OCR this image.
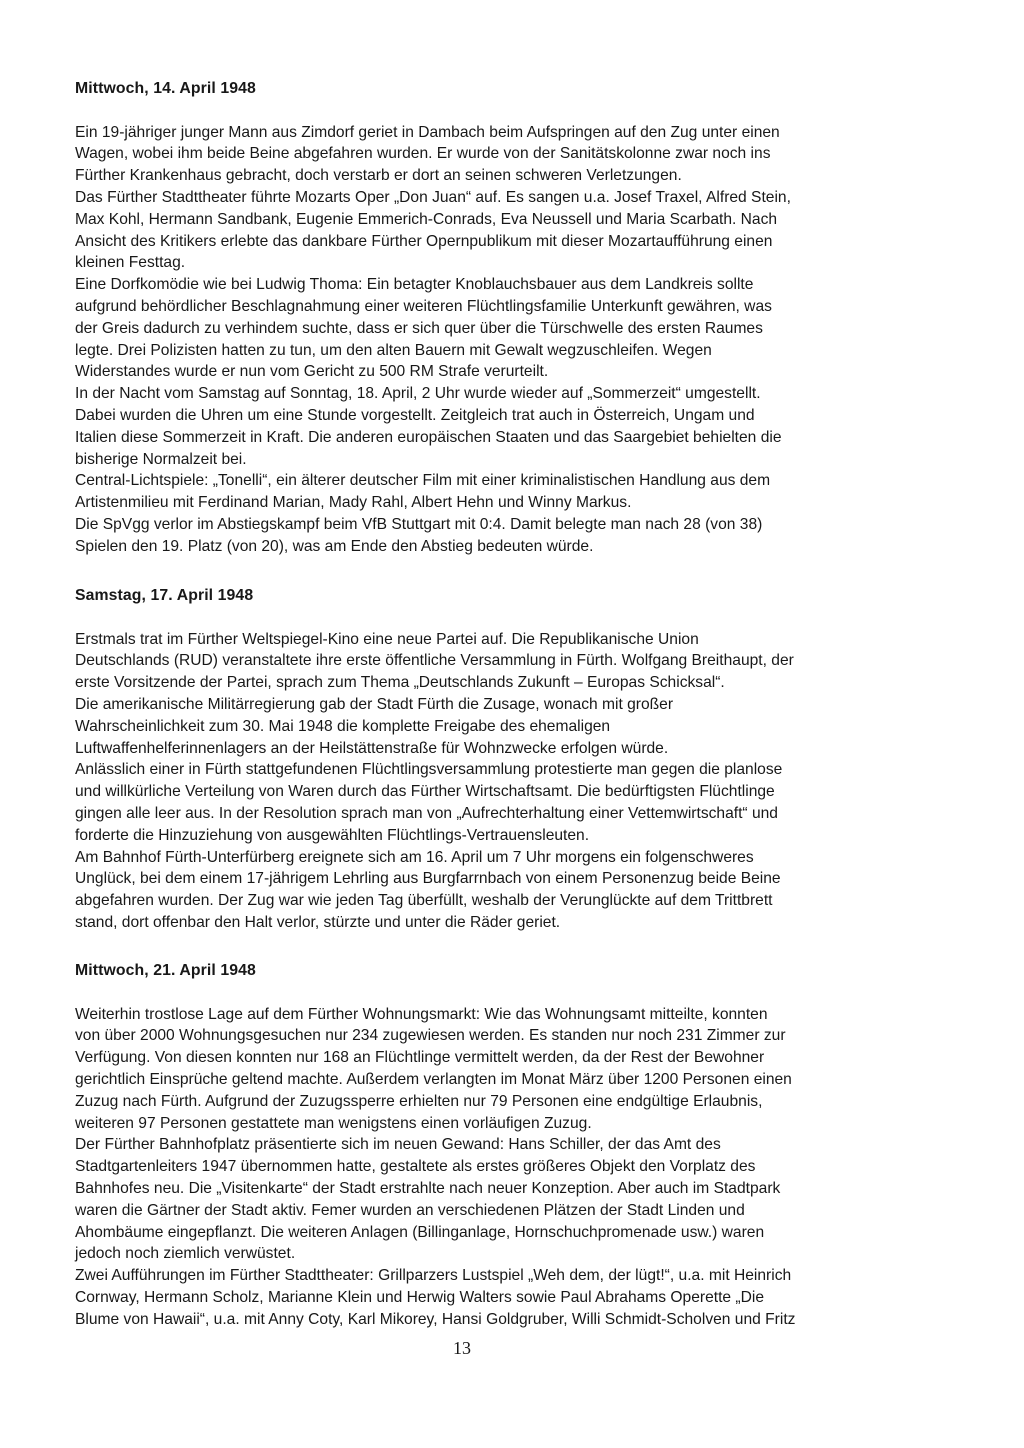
Mittwoch, 14. April 1948
Ein 19-jähriger junger Mann aus Zimdorf geriet in Dambach beim Aufspringen auf den Zug unter einen
Wagen, wobei ihm beide Beine abgefahren wurden. Er wurde von der Sanitätskolonne zwar noch ins
Fürther Krankenhaus gebracht, doch verstarb er dort an seinen schweren Verletzungen.
Das Fürther Stadttheater führte Mozarts Oper „Don Juan“ auf. Es sangen u.a. Josef Traxel, Alfred Stein,
Max Kohl, Hermann Sandbank, Eugenie Emmerich-Conrads, Eva Neussell und Maria Scarbath. Nach
Ansicht des Kritikers erlebte das dankbare Fürther Opernpublikum mit dieser Mozartaufführung einen
kleinen Festtag.
Eine Dorfkomödie wie bei Ludwig Thoma: Ein betagter Knoblauchsbauer aus dem Landkreis sollte
aufgrund behördlicher Beschlagnahmung einer weiteren Flüchtlingsfamilie Unterkunft gewähren, was
der Greis dadurch zu verhindem suchte, dass er sich quer über die Türschwelle des ersten Raumes
legte. Drei Polizisten hatten zu tun, um den alten Bauern mit Gewalt wegzuschleifen. Wegen
Widerstandes wurde er nun vom Gericht zu 500 RM Strafe verurteilt.
In der Nacht vom Samstag auf Sonntag, 18. April, 2 Uhr wurde wieder auf „Sommerzeit“ umgestellt.
Dabei wurden die Uhren um eine Stunde vorgestellt. Zeitgleich trat auch in Österreich, Ungam und
Italien diese Sommerzeit in Kraft. Die anderen europäischen Staaten und das Saargebiet behielten die
bisherige Normalzeit bei.
Central-Lichtspiele: „Tonelli“, ein älterer deutscher Film mit einer kriminalistischen Handlung aus dem
Artistenmilieu mit Ferdinand Marian, Mady Rahl, Albert Hehn und Winny Markus.
Die SpVgg verlor im Abstiegskampf beim VfB Stuttgart mit 0:4. Damit belegte man nach 28 (von 38)
Spielen den 19. Platz (von 20), was am Ende den Abstieg bedeuten würde.
Samstag, 17. April 1948
Erstmals trat im Fürther Weltspiegel-Kino eine neue Partei auf. Die Republikanische Union
Deutschlands (RUD) veranstaltete ihre erste öffentliche Versammlung in Fürth. Wolfgang Breithaupt, der
erste Vorsitzende der Partei, sprach zum Thema „Deutschlands Zukunft – Europas Schicksal“.
Die amerikanische Militärregierung gab der Stadt Fürth die Zusage, wonach mit großer
Wahrscheinlichkeit zum 30. Mai 1948 die komplette Freigabe des ehemaligen
Luftwaffenhelferinnenlagers an der Heilstättenstraße für Wohnzwecke erfolgen würde.
Anlässlich einer in Fürth stattgefundenen Flüchtlingsversammlung protestierte man gegen die planlose
und willkürliche Verteilung von Waren durch das Fürther Wirtschaftsamt. Die bedürftigsten Flüchtlinge
gingen alle leer aus. In der Resolution sprach man von „Aufrechterhaltung einer Vettemwirtschaft“ und
forderte die Hinzuziehung von ausgewählten Flüchtlings-Vertrauensleuten.
Am Bahnhof Fürth-Unterfürberg ereignete sich am 16. April um 7 Uhr morgens ein folgenschweres
Unglück, bei dem einem 17-jährigem Lehrling aus Burgfarrnbach von einem Personenzug beide Beine
abgefahren wurden. Der Zug war wie jeden Tag überfüllt, weshalb der Verunglückte auf dem Trittbrett
stand, dort offenbar den Halt verlor, stürzte und unter die Räder geriet.
Mittwoch, 21. April 1948
Weiterhin trostlose Lage auf dem Fürther Wohnungsmarkt: Wie das Wohnungsamt mitteilte, konnten
von über 2000 Wohnungsgesuchen nur 234 zugewiesen werden. Es standen nur noch 231 Zimmer zur
Verfügung. Von diesen konnten nur 168 an Flüchtlinge vermittelt werden, da der Rest der Bewohner
gerichtlich Einsprüche geltend machte. Außerdem verlangten im Monat März über 1200 Personen einen
Zuzug nach Fürth. Aufgrund der Zuzugssperre erhielten nur 79 Personen eine endgültige Erlaubnis,
weiteren 97 Personen gestattete man wenigstens einen vorläufigen Zuzug.
Der Fürther Bahnhofplatz präsentierte sich im neuen Gewand: Hans Schiller, der das Amt des
Stadtgartenleiters 1947 übernommen hatte, gestaltete als erstes größeres Objekt den Vorplatz des
Bahnhofes neu. Die „Visitenkarte“ der Stadt erstrahlte nach neuer Konzeption. Aber auch im Stadtpark
waren die Gärtner der Stadt aktiv. Femer wurden an verschiedenen Plätzen der Stadt Linden und
Ahombäume eingepflanzt. Die weiteren Anlagen (Billinganlage, Hornschuchpromenade usw.) waren
jedoch noch ziemlich verwüstet.
Zwei Aufführungen im Fürther Stadttheater: Grillparzers Lustspiel „Weh dem, der lügt!“, u.a. mit Heinrich
Cornway, Hermann Scholz, Marianne Klein und Herwig Walters sowie Paul Abrahams Operette „Die
Blume von Hawaii“, u.a. mit Anny Coty, Karl Mikorey, Hansi Goldgruber, Willi Schmidt-Scholven und Fritz
13
